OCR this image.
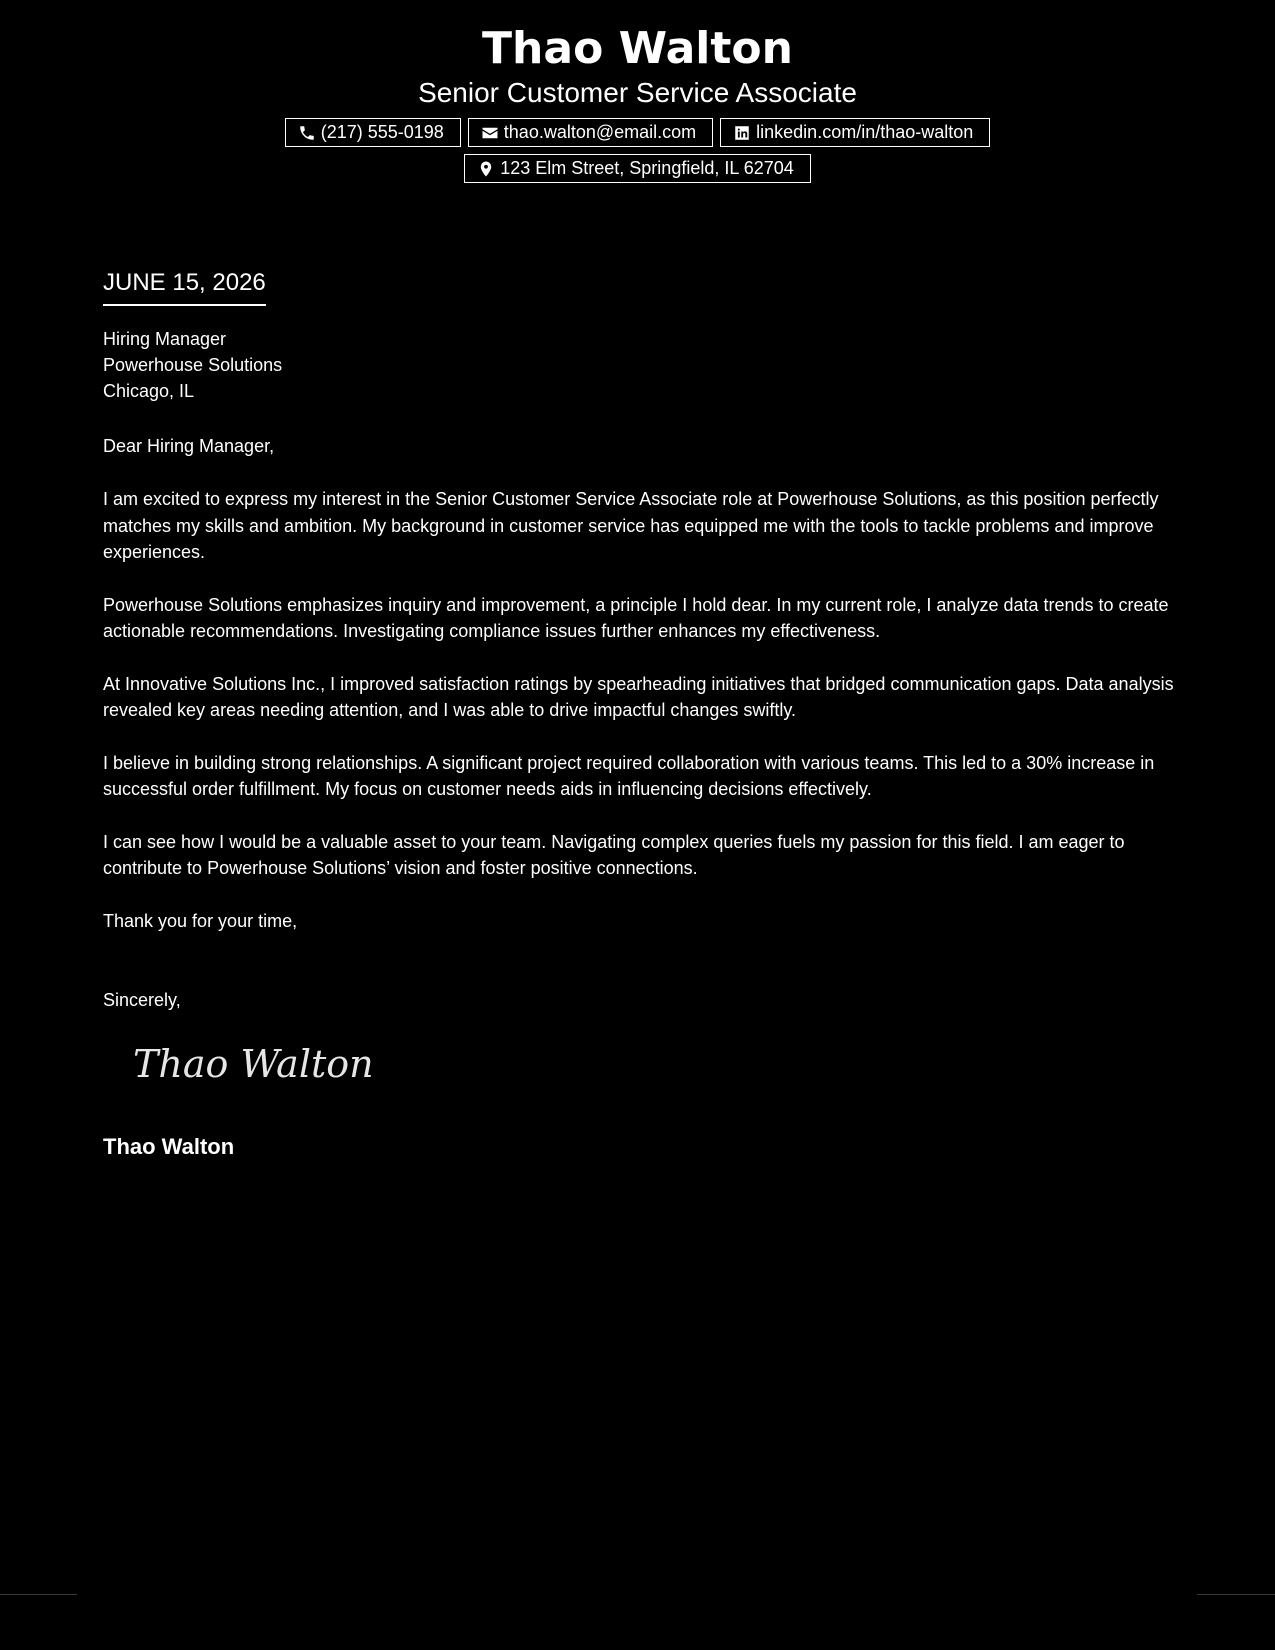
Thao Walton
Senior Customer Service Associate
(217) 555-0198	thao.walton@email.com	linkedin.com/in/thao-walton
123 Elm Street, Springfield, IL 62704
JUNE 15, 2026
Hiring Manager
Powerhouse Solutions
Chicago, IL
Dear Hiring Manager,

I am excited to express my interest in the Senior Customer Service Associate role at Powerhouse Solutions, as this position perfectly matches my skills and ambition. My background in customer service has equipped me with the tools to tackle problems and improve experiences.

Powerhouse Solutions emphasizes inquiry and improvement, a principle I hold dear. In my current role, I analyze data trends to create actionable recommendations. Investigating compliance issues further enhances my effectiveness.

At Innovative Solutions Inc., I improved satisfaction ratings by spearheading initiatives that bridged communication gaps. Data analysis revealed key areas needing attention, and I was able to drive impactful changes swiftly.

I believe in building strong relationships. A significant project required collaboration with various teams. This led to a 30% increase in successful order fulfillment. My focus on customer needs aids in influencing decisions effectively.

I can see how I would be a valuable asset to your team. Navigating complex queries fuels my passion for this field. I am eager to contribute to Powerhouse Solutions’ vision and foster positive connections.

Thank you for your time,
Sincerely,
Thao Walton
Thao Walton
